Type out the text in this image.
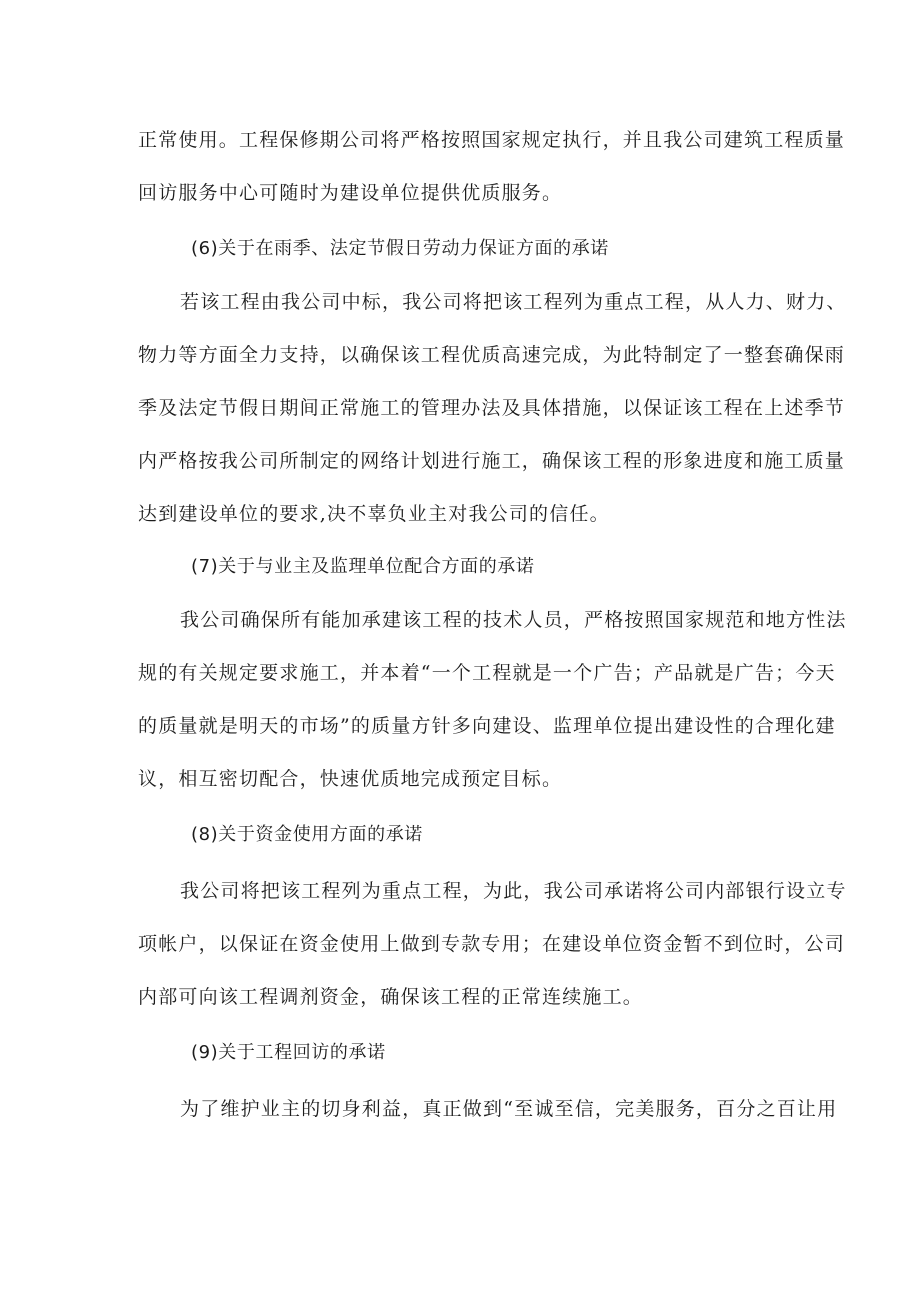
正常使用。工程保修期公司将严格按照国家规定执行，并且我公司建筑工程质量

回访服务中心可随时为建设单位提供优质服务。

(6)关于在雨季、法定节假日劳动力保证方面的承诺

若该工程由我公司中标，我公司将把该工程列为重点工程，从人力、财力、

物力等方面全力支持，以确保该工程优质高速完成，为此特制定了一整套确保雨

季及法定节假日期间正常施工的管理办法及具体措施，以保证该工程在上述季节

内严格按我公司所制定的网络计划进行施工，确保该工程的形象进度和施工质量

达到建设单位的要求,决不辜负业主对我公司的信任。

(7)关于与业主及监理单位配合方面的承诺

我公司确保所有能加承建该工程的技术人员，严格按照国家规范和地方性法

规的有关规定要求施工，并本着“一个工程就是一个广告；产品就是广告；今天

的质量就是明天的市场”的质量方针多向建设、监理单位提出建设性的合理化建

议，相互密切配合，快速优质地完成预定目标。

(8)关于资金使用方面的承诺

我公司将把该工程列为重点工程，为此，我公司承诺将公司内部银行设立专

项帐户，以保证在资金使用上做到专款专用；在建设单位资金暂不到位时，公司

内部可向该工程调剂资金，确保该工程的正常连续施工。

(9)关于工程回访的承诺

为了维护业主的切身利益，真正做到“至诚至信，完美服务，百分之百让用
